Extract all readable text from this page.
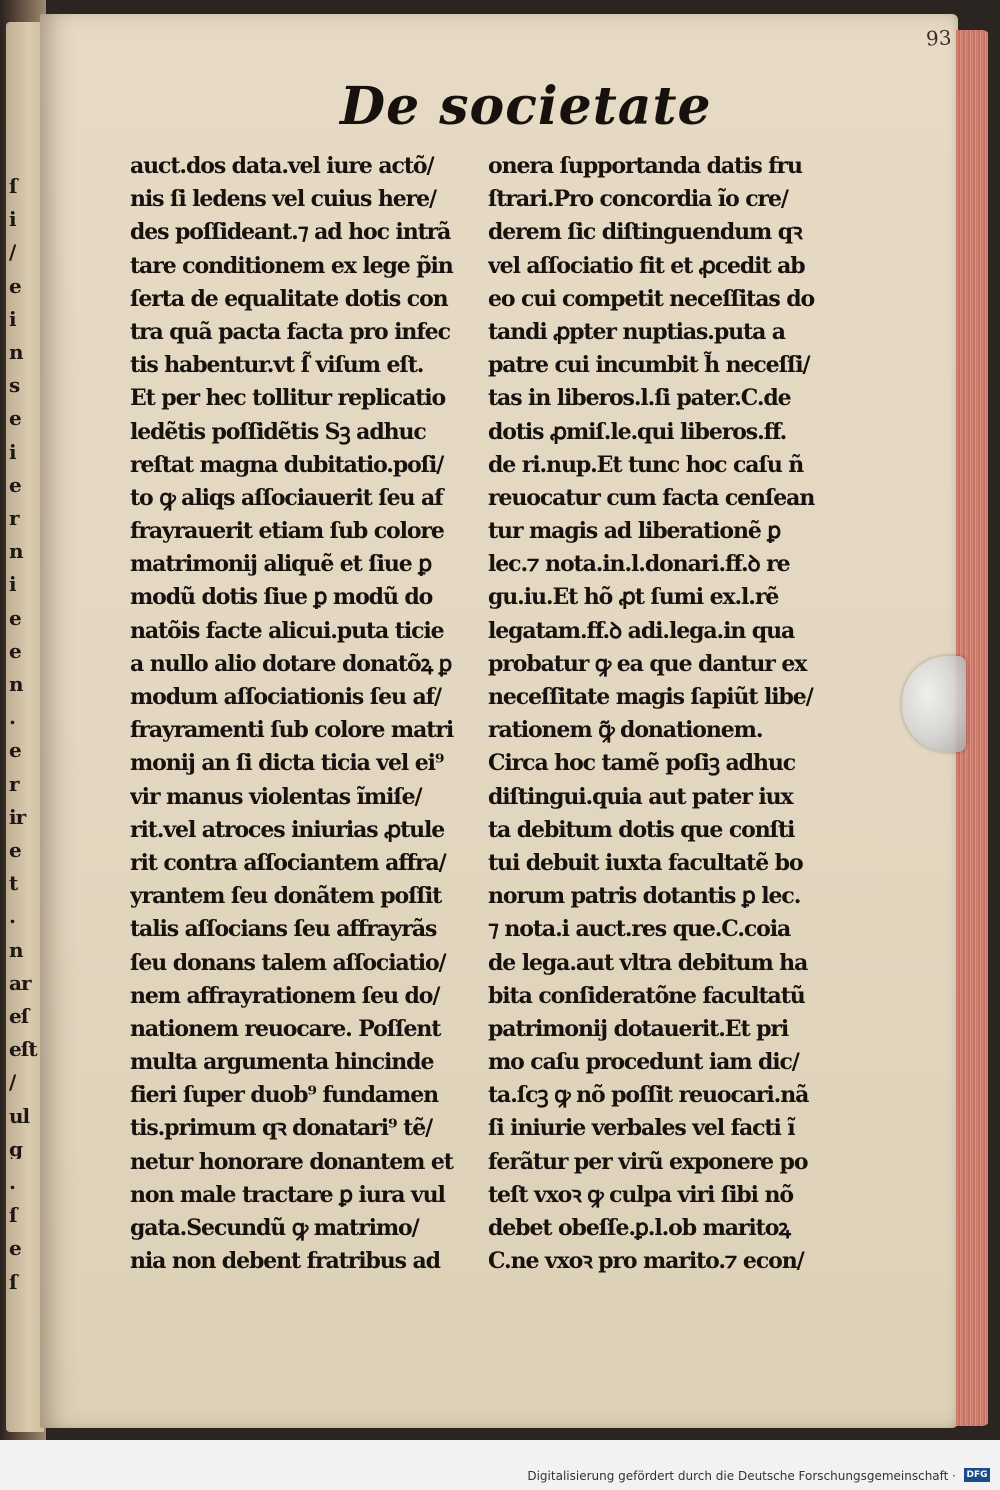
ſ
i
/
e
i
n
s
e
i
e
r
n
i
e
e
n
.
e
r
ir
e
t
.
n
ar
eſ
eſt
/
ul
g
.
ſ
e
ſ
93
De societate
auct.dos data.vel iure actõ/
nis ſi ledens vel cuius here/
des poſſideant.⁊ ad hoc intrã
tare conditionem ex lege p̃in
ſerta de equalitate dotis con
tra quã pacta facta pro infec
tis habentur.vt ſ̃ viſum eſt.
Et per hec tollitur replicatio
ledẽtis poſſidẽtis Sꝫ adhuc
reſtat magna dubitatio.poſi/
to ꝙ aliqs aſſociauerit ſeu af
frayrauerit etiam ſub colore
matrimonij aliquẽ et ſiue ꝑ
modũ dotis ſiue ꝑ modũ do
natõis facte alicui.puta ticie
a nullo alio dotare donatõꝝ ꝑ
modum aſſociationis ſeu af/
frayramenti ſub colore matri
monij an ſi dicta ticia vel ei⁹
vir manus violentas ĩmiſe/
rit.vel atroces iniurias ꝓtule
rit contra aſſociantem affra/
yrantem ſeu donãtem poſſit
talis aſſocians ſeu affrayrãs
ſeu donans talem aſſociatio/
nem affrayrationem ſeu do/
nationem reuocare. Poſſent
multa argumenta hincinde
fieri ſuper duob⁹ fundamen
tis.primum qꝛ donatari⁹ tẽ/
netur honorare donantem et
non male tractare ꝑ iura vul
gata.Secundũ ꝙ matrimo/
nia non debent fratribus ad
onera ſupportanda datis fru
ſtrari.Pro concordia ĩo cre/
derem ſic diſtinguendum qꝛ
vel aſſociatio fit et ꝓcedit ab
eo cui competit neceſſitas do
tandi ꝓpter nuptias.puta a
patre cui incumbit h̃ neceſſi/
tas in liberos.l.ſi pater.C.de
dotis ꝓmiſ.le.qui liberos.ff.
de ri.nup.Et tunc hoc caſu ñ
reuocatur cum facta cenſean
tur magis ad liberationẽ ꝑ
lec.⁊ nota.in.l.donari.ff.ꝺ re
gu.iu.Et hõ ꝓt ſumi ex.l.rẽ
legatam.ff.ꝺ adi.lega.in qua
probatur ꝙ ea que dantur ex
neceſſitate magis ſapiũt libe/
rationem ꝙ̃ donationem.
Circa hoc tamẽ poſiꝫ adhuc
diſtingui.quia aut pater iux
ta debitum dotis que conſti
tui debuit iuxta facultatẽ bo
norum patris dotantis ꝑ lec.
⁊ nota.i auct.res que.C.coia
de lega.aut vltra debitum ha
bita conſideratõne facultatũ
patrimonij dotauerit.Et pri
mo caſu procedunt iam dic/
ta.ſcꝫ ꝙ nõ poſſit reuocari.nã
ſi iniurie verbales vel facti ĩ
ferãtur per virũ exponere po
teſt vxoꝛ ꝙ culpa viri ſibi nõ
debet obeſſe.ꝑ.l.ob maritoꝝ
C.ne vxoꝛ pro marito.⁊ econ/
Digitalisierung gefördert durch die Deutsche Forschungsgemeinschaft · DFG
